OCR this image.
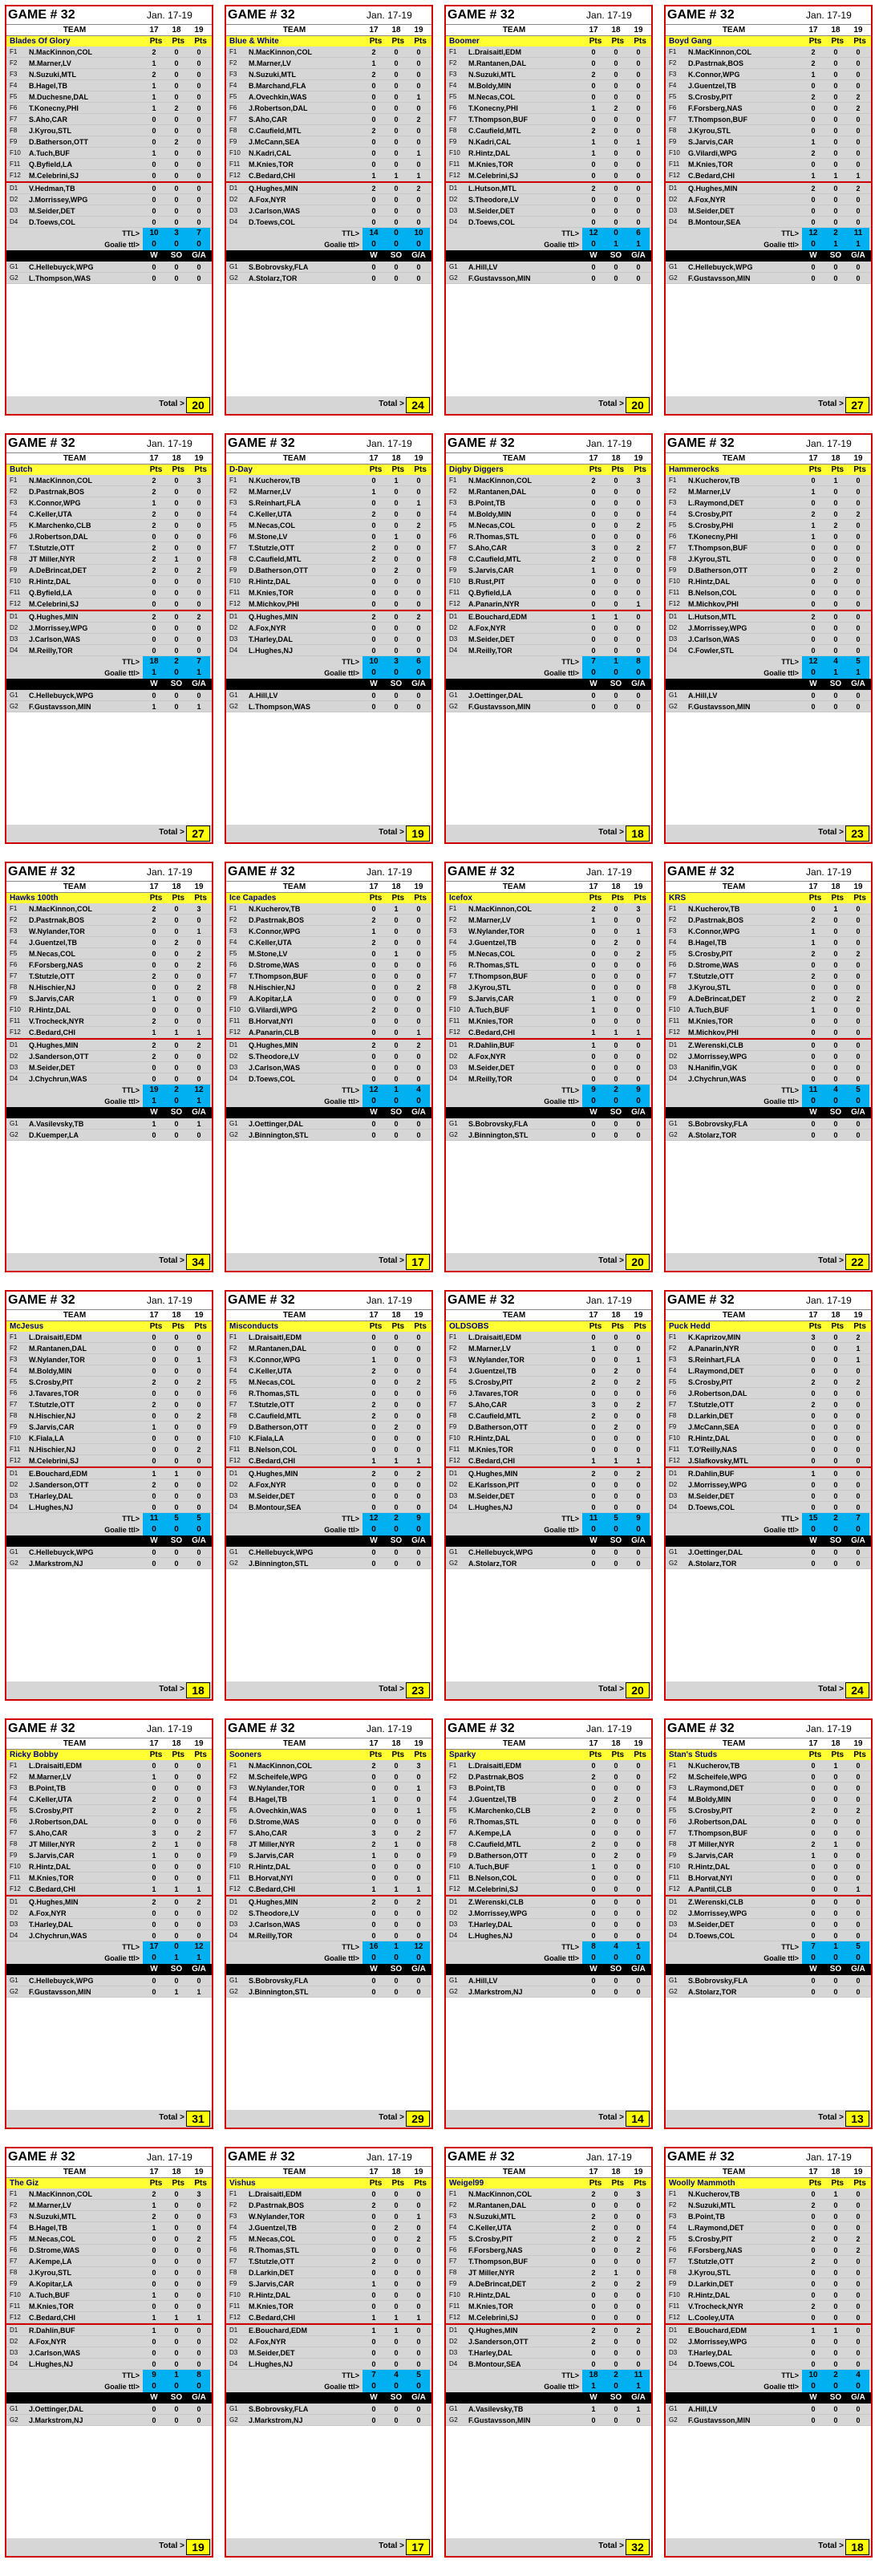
GAME # 32	Jan. 17-19
TEAM	17	18	19
Blades Of Glory	Pts	Pts	Pts
F1	N.MacKinnon,COL	2	0	0
F2	M.Marner,LV	1	0	0
F3	N.Suzuki,MTL	2	0	0
F4	B.Hagel,TB	1	0	0
F5	M.Duchesne,DAL	1	0	0
F6	T.Konecny,PHI	1	2	0
F7	S.Aho,CAR	0	0	0
F8	J.Kyrou,STL	0	0	0
F9	D.Batherson,OTT	0	2	0
F10	A.Tuch,BUF	1	0	0
F11	Q.Byfield,LA	0	0	0
F12	M.Celebrini,SJ	0	0	0
D1	V.Hedman,TB	0	0	0
D2	J.Morrissey,WPG	0	0	0
D3	M.Seider,DET	0	0	0
D4	D.Toews,COL	0	0	0
TTL>	10	3	7
Goalie ttl>	0	0	0
W	SO	G/A
G1	C.Hellebuyck,WPG	0	0	0
G2	L.Thompson,WAS	0	0	0
Total > 20
GAME # 32	Jan. 17-19
TEAM	17	18	19
Blue & White	Pts	Pts	Pts
F1	N.MacKinnon,COL	2	0	0
F2	M.Marner,LV	1	0	0
F3	N.Suzuki,MTL	2	0	0
F4	B.Marchand,FLA	0	0	0
F5	A.Ovechkin,WAS	0	0	1
F6	J.Robertson,DAL	0	0	0
F7	S.Aho,CAR	0	0	2
F8	C.Caufield,MTL	2	0	0
F9	J.McCann,SEA	0	0	0
F10	N.Kadri,CAL	0	0	1
F11	M.Knies,TOR	0	0	0
F12	C.Bedard,CHI	1	1	1
D1	Q.Hughes,MIN	2	0	2
D2	A.Fox,NYR	0	0	0
D3	J.Carlson,WAS	0	0	0
D4	D.Toews,COL	0	0	0
TTL>	14	0	10
Goalie ttl>	0	0	0
W	SO	G/A
G1	S.Bobrovsky,FLA	0	0	0
G2	A.Stolarz,TOR	0	0	0
Total > 24
GAME # 32	Jan. 17-19
TEAM	17	18	19
Boomer	Pts	Pts	Pts
F1	L.Draisaitl,EDM	0	0	0
F2	M.Rantanen,DAL	0	0	0
F3	N.Suzuki,MTL	2	0	0
F4	M.Boldy,MIN	0	0	0
F5	M.Necas,COL	0	0	0
F6	T.Konecny,PHI	1	2	0
F7	T.Thompson,BUF	0	0	0
F8	C.Caufield,MTL	2	0	0
F9	N.Kadri,CAL	1	0	1
F10	R.Hintz,DAL	1	0	0
F11	M.Knies,TOR	0	0	0
F12	M.Celebrini,SJ	0	0	0
D1	L.Hutson,MTL	2	0	0
D2	S.Theodore,LV	0	0	0
D3	M.Seider,DET	0	0	0
D4	D.Toews,COL	0	0	0
TTL>	12	0	6
Goalie ttl>	0	1	1
W	SO	G/A
G1	A.Hill,LV	0	0	0
G2	F.Gustavsson,MIN	0	0	0
Total > 20
GAME # 32	Jan. 17-19
TEAM	17	18	19
Boyd Gang	Pts	Pts	Pts
F1	N.MacKinnon,COL	2	0	0
F2	D.Pastrnak,BOS	2	0	0
F3	K.Connor,WPG	1	0	0
F4	J.Guentzel,TB	0	0	0
F5	S.Crosby,PIT	2	0	2
F6	F.Forsberg,NAS	0	0	2
F7	T.Thompson,BUF	0	0	0
F8	J.Kyrou,STL	0	0	0
F9	S.Jarvis,CAR	1	0	0
F10	G.Vilardi,WPG	2	0	0
F11	M.Knies,TOR	0	0	0
F12	C.Bedard,CHI	1	1	1
D1	Q.Hughes,MIN	2	0	2
D2	A.Fox,NYR	0	0	0
D3	M.Seider,DET	0	0	0
D4	B.Montour,SEA	0	0	0
TTL>	12	2	11
Goalie ttl>	0	1	1
W	SO	G/A
G1	C.Hellebuyck,WPG	0	0	0
G2	F.Gustavsson,MIN	0	0	0
Total > 27
GAME # 32	Jan. 17-19
TEAM	17	18	19
Butch	Pts	Pts	Pts
F1	N.MacKinnon,COL	2	0	3
F2	D.Pastrnak,BOS	2	0	0
F3	K.Connor,WPG	1	0	0
F4	C.Keller,UTA	2	0	0
F5	K.Marchenko,CLB	2	0	0
F6	J.Robertson,DAL	0	0	0
F7	T.Stutzle,OTT	2	0	0
F8	JT Miller,NYR	2	1	0
F9	A.DeBrincat,DET	2	0	2
F10	R.Hintz,DAL	0	0	0
F11	Q.Byfield,LA	0	0	0
F12	M.Celebrini,SJ	0	0	0
D1	Q.Hughes,MIN	2	0	2
D2	J.Morrissey,WPG	0	0	0
D3	J.Carlson,WAS	0	0	0
D4	M.Reilly,TOR	0	0	0
TTL>	18	2	7
Goalie ttl>	1	0	1
W	SO	G/A
G1	C.Hellebuyck,WPG	0	0	0
G2	F.Gustavsson,MIN	1	0	1
Total > 27
GAME # 32	Jan. 17-19
TEAM	17	18	19
D-Day	Pts	Pts	Pts
F1	N.Kucherov,TB	0	1	0
F2	M.Marner,LV	1	0	0
F3	S.Reinhart,FLA	0	0	1
F4	C.Keller,UTA	2	0	0
F5	M.Necas,COL	0	0	2
F6	M.Stone,LV	0	1	0
F7	T.Stutzle,OTT	2	0	0
F8	C.Caufield,MTL	2	0	0
F9	D.Batherson,OTT	0	2	0
F10	R.Hintz,DAL	0	0	0
F11	M.Knies,TOR	0	0	0
F12	M.Michkov,PHI	0	0	0
D1	Q.Hughes,MIN	2	0	2
D2	A.Fox,NYR	0	0	0
D3	T.Harley,DAL	0	0	0
D4	L.Hughes,NJ	0	0	0
TTL>	10	3	6
Goalie ttl>	0	0	0
W	SO	G/A
G1	A.Hill,LV	0	0	0
G2	L.Thompson,WAS	0	0	0
Total > 19
GAME # 32	Jan. 17-19
TEAM	17	18	19
Digby Diggers	Pts	Pts	Pts
F1	N.MacKinnon,COL	2	0	3
F2	M.Rantanen,DAL	0	0	0
F3	B.Point,TB	0	0	0
F4	M.Boldy,MIN	0	0	0
F5	M.Necas,COL	0	0	2
F6	R.Thomas,STL	0	0	0
F7	S.Aho,CAR	3	0	2
F8	C.Caufield,MTL	2	0	0
F9	S.Jarvis,CAR	1	0	0
F10	B.Rust,PIT	0	0	0
F11	Q.Byfield,LA	0	0	0
F12	A.Panarin,NYR	0	0	1
D1	E.Bouchard,EDM	1	1	0
D2	A.Fox,NYR	0	0	0
D3	M.Seider,DET	0	0	0
D4	M.Reilly,TOR	0	0	0
TTL>	7	1	8
Goalie ttl>	0	0	0
W	SO	G/A
G1	J.Oettinger,DAL	0	0	0
G2	F.Gustavsson,MIN	0	0	0
Total > 18
GAME # 32	Jan. 17-19
TEAM	17	18	19
Hammerocks	Pts	Pts	Pts
F1	N.Kucherov,TB	0	1	0
F2	M.Marner,LV	1	0	0
F3	L.Raymond,DET	0	0	0
F4	S.Crosby,PIT	2	0	2
F5	S.Crosby,PHI	1	2	0
F6	T.Konecny,PHI	1	0	0
F7	T.Thompson,BUF	0	0	0
F8	J.Kyrou,STL	0	0	0
F9	D.Batherson,OTT	0	2	0
F10	R.Hintz,DAL	0	0	0
F11	B.Nelson,COL	0	0	0
F12	M.Michkov,PHI	0	0	0
D1	L.Hutson,MTL	2	0	0
D2	J.Morrissey,WPG	0	0	0
D3	J.Carlson,WAS	0	0	0
D4	C.Fowler,STL	0	0	0
TTL>	12	4	5
Goalie ttl>	0	1	1
W	SO	G/A
G1	A.Hill,LV	0	0	0
G2	F.Gustavsson,MIN	0	0	0
Total > 23
GAME # 32	Jan. 17-19
TEAM	17	18	19
Hawks 100th	Pts	Pts	Pts
F1	N.MacKinnon,COL	2	0	3
F2	D.Pastrnak,BOS	2	0	0
F3	W.Nylander,TOR	0	0	1
F4	J.Guentzel,TB	0	2	0
F5	M.Necas,COL	0	0	2
F6	F.Forsberg,NAS	0	0	2
F7	T.Stutzle,OTT	2	0	0
F8	N.Hischier,NJ	0	0	2
F9	S.Jarvis,CAR	1	0	0
F10	R.Hintz,DAL	0	0	0
F11	V.Trocheck,NYR	2	0	0
F12	C.Bedard,CHI	1	1	1
D1	Q.Hughes,MIN	2	0	2
D2	J.Sanderson,OTT	2	0	0
D3	M.Seider,DET	0	0	0
D4	J.Chychrun,WAS	0	0	0
TTL>	19	2	12
Goalie ttl>	1	0	1
W	SO	G/A
G1	A.Vasilevsky,TB	1	0	1
G2	D.Kuemper,LA	0	0	0
Total > 34
GAME # 32	Jan. 17-19
TEAM	17	18	19
Ice Capades	Pts	Pts	Pts
F1	N.Kucherov,TB	0	1	0
F2	D.Pastrnak,BOS	2	0	0
F3	K.Connor,WPG	1	0	0
F4	C.Keller,UTA	2	0	0
F5	M.Stone,LV	0	1	0
F6	D.Strome,WAS	0	0	0
F7	T.Thompson,BUF	0	0	0
F8	N.Hischier,NJ	0	0	2
F9	A.Kopitar,LA	0	0	0
F10	G.Vilardi,WPG	2	0	0
F11	B.Horvat,NYI	0	0	0
F12	A.Panarin,CLB	0	0	1
D1	Q.Hughes,MIN	2	0	2
D2	S.Theodore,LV	0	0	0
D3	J.Carlson,WAS	0	0	0
D4	D.Toews,COL	0	0	0
TTL>	12	1	4
Goalie ttl>	0	0	0
W	SO	G/A
G1	J.Oettinger,DAL	0	0	0
G2	J.Binnington,STL	0	0	0
Total > 17
GAME # 32	Jan. 17-19
TEAM	17	18	19
Icefox	Pts	Pts	Pts
F1	N.MacKinnon,COL	2	0	3
F2	M.Marner,LV	1	0	0
F3	W.Nylander,TOR	0	0	1
F4	J.Guentzel,TB	0	2	0
F5	M.Necas,COL	0	0	2
F6	R.Thomas,STL	0	0	0
F7	T.Thompson,BUF	0	0	0
F8	J.Kyrou,STL	0	0	0
F9	S.Jarvis,CAR	1	0	0
F10	A.Tuch,BUF	1	0	0
F11	M.Knies,TOR	0	0	0
F12	C.Bedard,CHI	1	1	1
D1	R.Dahlin,BUF	1	0	0
D2	A.Fox,NYR	0	0	0
D3	M.Seider,DET	0	0	0
D4	M.Reilly,TOR	0	0	0
TTL>	9	2	9
Goalie ttl>	0	0	0
W	SO	G/A
G1	S.Bobrovsky,FLA	0	0	0
G2	J.Binnington,STL	0	0	0
Total > 20
GAME # 32	Jan. 17-19
TEAM	17	18	19
KRS	Pts	Pts	Pts
F1	N.Kucherov,TB	0	1	0
F2	D.Pastrnak,BOS	2	0	0
F3	K.Connor,WPG	1	0	0
F4	B.Hagel,TB	1	0	0
F5	S.Crosby,PIT	2	0	2
F6	D.Strome,WAS	0	0	0
F7	T.Stutzle,OTT	2	0	0
F8	J.Kyrou,STL	0	0	0
F9	A.DeBrincat,DET	2	0	2
F10	A.Tuch,BUF	1	0	0
F11	M.Knies,TOR	0	0	0
F12	M.Michkov,PHI	0	0	0
D1	Z.Werenski,CLB	0	0	0
D2	J.Morrissey,WPG	0	0	0
D3	N.Hanifin,VGK	0	0	0
D4	J.Chychrun,WAS	0	0	0
TTL>	11	4	5
Goalie ttl>	0	0	0
W	SO	G/A
G1	S.Bobrovsky,FLA	0	0	0
G2	A.Stolarz,TOR	0	0	0
Total > 22
GAME # 32	Jan. 17-19
TEAM	17	18	19
McJesus	Pts	Pts	Pts
F1	L.Draisaitl,EDM	0	0	0
F2	M.Rantanen,DAL	0	0	0
F3	W.Nylander,TOR	0	0	1
F4	M.Boldy,MIN	0	0	0
F5	S.Crosby,PIT	2	0	2
F6	J.Tavares,TOR	0	0	0
F7	T.Stutzle,OTT	2	0	0
F8	N.Hischier,NJ	0	0	2
F9	S.Jarvis,CAR	1	0	0
F10	K.Fiala,LA	0	0	0
F11	N.Hischier,NJ	0	0	2
F12	M.Celebrini,SJ	0	0	0
D1	E.Bouchard,EDM	1	1	0
D2	J.Sanderson,OTT	2	0	0
D3	T.Harley,DAL	0	0	0
D4	L.Hughes,NJ	0	0	0
TTL>	11	5	5
Goalie ttl>	0	0	0
W	SO	G/A
G1	C.Hellebuyck,WPG	0	0	0
G2	J.Markstrom,NJ	0	0	0
Total > 18
GAME # 32	Jan. 17-19
TEAM	17	18	19
Misconducts	Pts	Pts	Pts
F1	L.Draisaitl,EDM	0	0	0
F2	M.Rantanen,DAL	0	0	0
F3	K.Connor,WPG	1	0	0
F4	C.Keller,UTA	2	0	0
F5	M.Necas,COL	0	0	2
F6	R.Thomas,STL	0	0	0
F7	T.Stutzle,OTT	2	0	0
F8	C.Caufield,MTL	2	0	0
F9	D.Batherson,OTT	0	2	0
F10	K.Fiala,LA	0	0	0
F11	B.Nelson,COL	0	0	0
F12	C.Bedard,CHI	1	1	1
D1	Q.Hughes,MIN	2	0	2
D2	A.Fox,NYR	0	0	0
D3	M.Seider,DET	0	0	0
D4	B.Montour,SEA	0	0	0
TTL>	12	2	9
Goalie ttl>	0	0	0
W	SO	G/A
G1	C.Hellebuyck,WPG	0	0	0
G2	J.Binnington,STL	0	0	0
Total > 23
GAME # 32	Jan. 17-19
TEAM	17	18	19
OLDSOBS	Pts	Pts	Pts
F1	L.Draisaitl,EDM	0	0	0
F2	M.Marner,LV	1	0	0
F3	W.Nylander,TOR	0	0	1
F4	J.Guentzel,TB	0	2	0
F5	S.Crosby,PIT	2	0	2
F6	J.Tavares,TOR	0	0	0
F7	S.Aho,CAR	3	0	2
F8	C.Caufield,MTL	2	0	0
F9	D.Batherson,OTT	0	2	0
F10	R.Hintz,DAL	0	0	0
F11	M.Knies,TOR	0	0	0
F12	C.Bedard,CHI	1	1	1
D1	Q.Hughes,MIN	2	0	2
D2	E.Karlsson,PIT	0	0	0
D3	M.Seider,DET	0	0	0
D4	L.Hughes,NJ	0	0	0
TTL>	11	5	9
Goalie ttl>	0	0	0
W	SO	G/A
G1	C.Hellebuyck,WPG	0	0	0
G2	A.Stolarz,TOR	0	0	0
Total > 20
GAME # 32	Jan. 17-19
TEAM	17	18	19
Puck Hedd	Pts	Pts	Pts
F1	K.Kaprizov,MIN	3	0	2
F2	A.Panarin,NYR	0	0	1
F3	S.Reinhart,FLA	0	0	1
F4	L.Raymond,DET	0	0	0
F5	S.Crosby,PIT	2	0	2
F6	J.Robertson,DAL	0	0	0
F7	T.Stutzle,OTT	2	0	0
F8	D.Larkin,DET	0	0	0
F9	J.McCann,SEA	0	0	0
F10	R.Hintz,DAL	0	0	0
F11	T.O'Reilly,NAS	0	0	0
F12	J.Slafkovsky,MTL	0	0	0
D1	R.Dahlin,BUF	1	0	0
D2	J.Morrissey,WPG	0	0	0
D3	M.Seider,DET	0	0	0
D4	D.Toews,COL	0	0	0
TTL>	15	2	7
Goalie ttl>	0	0	0
W	SO	G/A
G1	J.Oettinger,DAL	0	0	0
G2	A.Stolarz,TOR	0	0	0
Total > 24
GAME # 32	Jan. 17-19
TEAM	17	18	19
Ricky Bobby	Pts	Pts	Pts
F1	L.Draisaitl,EDM	0	0	0
F2	M.Marner,LV	1	0	0
F3	B.Point,TB	0	0	0
F4	C.Keller,UTA	2	0	0
F5	S.Crosby,PIT	2	0	2
F6	J.Robertson,DAL	0	0	0
F7	S.Aho,CAR	3	0	2
F8	JT Miller,NYR	2	1	0
F9	S.Jarvis,CAR	1	0	0
F10	R.Hintz,DAL	0	0	0
F11	M.Knies,TOR	0	0	0
F12	C.Bedard,CHI	1	1	1
D1	Q.Hughes,MIN	2	0	2
D2	A.Fox,NYR	0	0	0
D3	T.Harley,DAL	0	0	0
D4	J.Chychrun,WAS	0	0	0
TTL>	17	0	12
Goalie ttl>	0	1	1
W	SO	G/A
G1	C.Hellebuyck,WPG	0	0	0
G2	F.Gustavsson,MIN	0	1	1
Total > 31
GAME # 32	Jan. 17-19
TEAM	17	18	19
Sooners	Pts	Pts	Pts
F1	N.MacKinnon,COL	2	0	3
F2	M.Scheifele,WPG	0	0	0
F3	W.Nylander,TOR	0	0	1
F4	B.Hagel,TB	1	0	0
F5	A.Ovechkin,WAS	0	0	1
F6	D.Strome,WAS	0	0	0
F7	S.Aho,CAR	3	0	2
F8	JT Miller,NYR	2	1	0
F9	S.Jarvis,CAR	1	0	0
F10	R.Hintz,DAL	0	0	0
F11	B.Horvat,NYI	0	0	0
F12	C.Bedard,CHI	1	1	1
D1	Q.Hughes,MIN	2	0	2
D2	S.Theodore,LV	0	0	0
D3	J.Carlson,WAS	0	0	0
D4	M.Reilly,TOR	0	0	0
TTL>	16	1	12
Goalie ttl>	0	0	0
W	SO	G/A
G1	S.Bobrovsky,FLA	0	0	0
G2	J.Binnington,STL	0	0	0
Total > 29
GAME # 32	Jan. 17-19
TEAM	17	18	19
Sparky	Pts	Pts	Pts
F1	L.Draisaitl,EDM	0	0	0
F2	D.Pastrnak,BOS	2	0	0
F3	B.Point,TB	0	0	0
F4	J.Guentzel,TB	0	2	0
F5	K.Marchenko,CLB	2	0	0
F6	R.Thomas,STL	0	0	0
F7	A.Kempe,LA	0	0	0
F8	C.Caufield,MTL	2	0	0
F9	D.Batherson,OTT	0	2	0
F10	A.Tuch,BUF	1	0	0
F11	B.Nelson,COL	0	0	0
F12	M.Celebrini,SJ	0	0	0
D1	Z.Werenski,CLB	0	0	0
D2	J.Morrissey,WPG	0	0	0
D3	T.Harley,DAL	0	0	0
D4	L.Hughes,NJ	0	0	0
TTL>	8	4	1
Goalie ttl>	0	0	0
W	SO	G/A
G1	A.Hill,LV	0	0	0
G2	J.Markstrom,NJ	0	0	0
Total > 14
GAME # 32	Jan. 17-19
TEAM	17	18	19
Stan's Studs	Pts	Pts	Pts
F1	N.Kucherov,TB	0	1	0
F2	M.Scheifele,WPG	0	0	0
F3	L.Raymond,DET	0	0	0
F4	M.Boldy,MIN	0	0	0
F5	S.Crosby,PIT	2	0	2
F6	J.Robertson,DAL	0	0	0
F7	T.Thompson,BUF	0	0	0
F8	JT Miller,NYR	2	1	0
F9	S.Jarvis,CAR	1	0	0
F10	R.Hintz,DAL	0	0	0
F11	B.Horvat,NYI	0	0	0
F12	A.Pantil,CLB	0	0	1
D1	Z.Werenski,CLB	0	0	0
D2	J.Morrissey,WPG	0	0	0
D3	M.Seider,DET	0	0	0
D4	D.Toews,COL	0	0	0
TTL>	7	1	5
Goalie ttl>	0	0	0
W	SO	G/A
G1	S.Bobrovsky,FLA	0	0	0
G2	A.Stolarz,TOR	0	0	0
Total > 13
GAME # 32	Jan. 17-19
TEAM	17	18	19
The Giz	Pts	Pts	Pts
F1	N.MacKinnon,COL	2	0	3
F2	M.Marner,LV	1	0	0
F3	N.Suzuki,MTL	2	0	0
F4	B.Hagel,TB	1	0	0
F5	M.Necas,COL	0	0	2
F6	D.Strome,WAS	0	0	0
F7	A.Kempe,LA	0	0	0
F8	J.Kyrou,STL	0	0	0
F9	A.Kopitar,LA	0	0	0
F10	A.Tuch,BUF	1	0	0
F11	M.Knies,TOR	0	0	0
F12	C.Bedard,CHI	1	1	1
D1	R.Dahlin,BUF	1	0	0
D2	A.Fox,NYR	0	0	0
D3	J.Carlson,WAS	0	0	0
D4	L.Hughes,NJ	0	0	0
TTL>	9	1	8
Goalie ttl>	0	0	0
W	SO	G/A
G1	J.Oettinger,DAL	0	0	0
G2	J.Markstrom,NJ	0	0	0
Total > 19
GAME # 32	Jan. 17-19
TEAM	17	18	19
Vishus	Pts	Pts	Pts
F1	L.Draisaitl,EDM	0	0	0
F2	D.Pastrnak,BOS	2	0	0
F3	W.Nylander,TOR	0	0	1
F4	J.Guentzel,TB	0	2	0
F5	M.Necas,COL	0	0	2
F6	R.Thomas,STL	0	0	0
F7	T.Stutzle,OTT	2	0	0
F8	D.Larkin,DET	0	0	0
F9	S.Jarvis,CAR	1	0	0
F10	R.Hintz,DAL	0	0	0
F11	M.Knies,TOR	0	0	0
F12	C.Bedard,CHI	1	1	1
D1	E.Bouchard,EDM	1	1	0
D2	A.Fox,NYR	0	0	0
D3	M.Seider,DET	0	0	0
D4	L.Hughes,NJ	0	0	0
TTL>	7	4	5
Goalie ttl>	0	0	0
W	SO	G/A
G1	S.Bobrovsky,FLA	0	0	0
G2	J.Markstrom,NJ	0	0	0
Total > 17
GAME # 32	Jan. 17-19
TEAM	17	18	19
Weigel99	Pts	Pts	Pts
F1	N.MacKinnon,COL	2	0	3
F2	M.Rantanen,DAL	0	0	0
F3	N.Suzuki,MTL	2	0	0
F4	C.Keller,UTA	2	0	0
F5	S.Crosby,PIT	2	0	2
F6	F.Forsberg,NAS	0	0	2
F7	T.Thompson,BUF	0	0	0
F8	JT Miller,NYR	2	1	0
F9	A.DeBrincat,DET	2	0	2
F10	R.Hintz,DAL	0	0	0
F11	M.Knies,TOR	0	0	0
F12	M.Celebrini,SJ	0	0	0
D1	Q.Hughes,MIN	2	0	2
D2	J.Sanderson,OTT	2	0	0
D3	T.Harley,DAL	0	0	0
D4	B.Montour,SEA	0	0	0
TTL>	18	2	11
Goalie ttl>	1	0	1
W	SO	G/A
G1	A.Vasilevsky,TB	1	0	1
G2	F.Gustavsson,MIN	0	0	0
Total > 32
GAME # 32	Jan. 17-19
TEAM	17	18	19
Woolly Mammoth	Pts	Pts	Pts
F1	N.Kucherov,TB	0	1	0
F2	N.Suzuki,MTL	2	0	0
F3	B.Point,TB	0	0	0
F4	L.Raymond,DET	0	0	0
F5	S.Crosby,PIT	2	0	2
F6	F.Forsberg,NAS	0	0	2
F7	T.Stutzle,OTT	2	0	0
F8	J.Kyrou,STL	0	0	0
F9	D.Larkin,DET	0	0	0
F10	R.Hintz,DAL	0	0	0
F11	V.Trocheck,NYR	2	0	0
F12	L.Cooley,UTA	0	0	0
D1	E.Bouchard,EDM	1	1	0
D2	J.Morrissey,WPG	0	0	0
D3	T.Harley,DAL	0	0	0
D4	D.Toews,COL	0	0	0
TTL>	10	2	4
Goalie ttl>	0	0	0
W	SO	G/A
G1	A.Hill,LV	0	0	0
G2	F.Gustavsson,MIN	0	0	0
Total > 18
